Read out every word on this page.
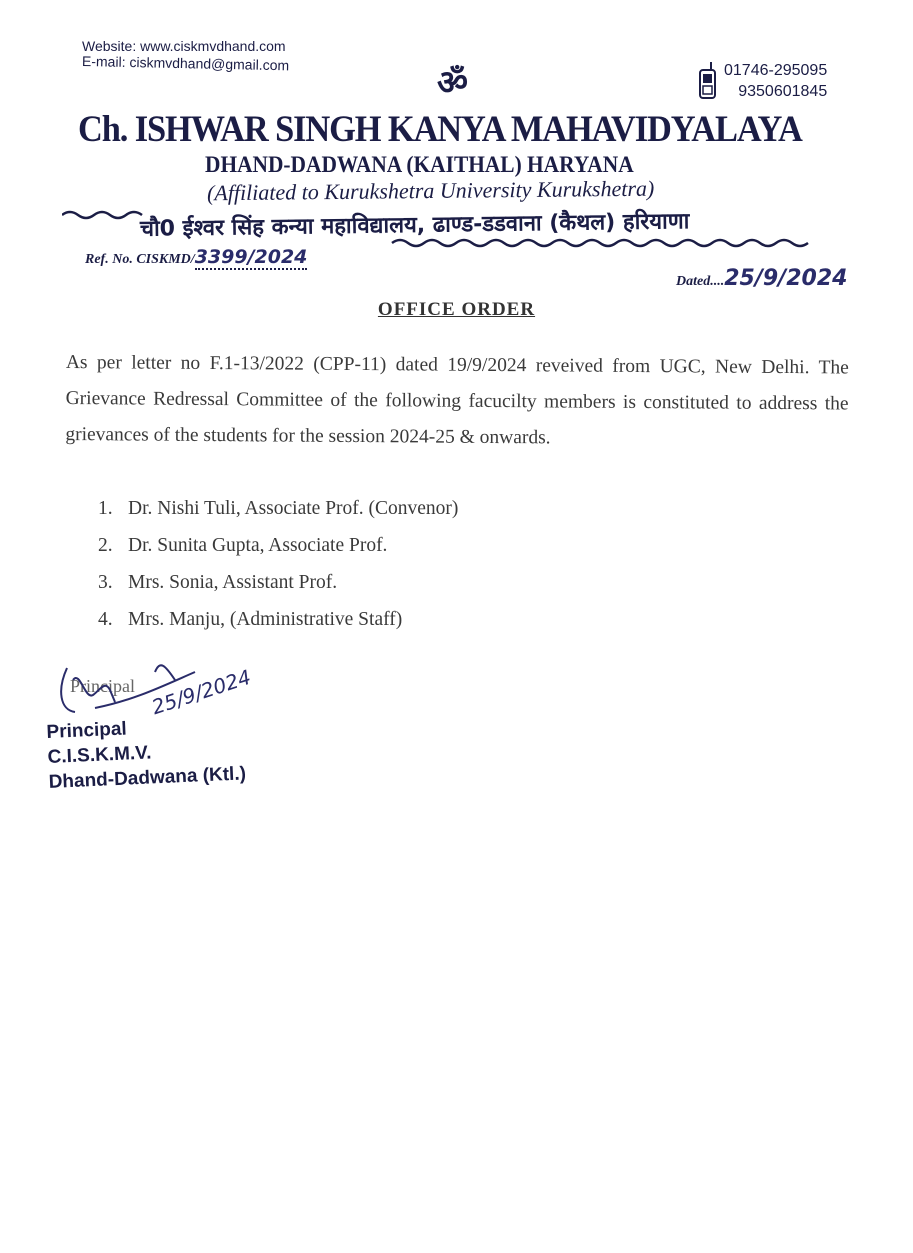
Website: www.ciskmvdhand.com
E-mail: ciskmvdhand@gmail.com	ॐ	01746-295095
9350601845
Ch. ISHWAR SINGH KANYA MAHAVIDYALAYA
DHAND-DADWANA (KAITHAL) HARYANA
(Affiliated to Kurukshetra University Kurukshetra)
चौ0 ईश्वर सिंह कन्या महाविद्यालय, ढाण्ड-डडवाना (कैथल) हरियाणा
Ref. No. CISKMD/3399/2024
Dated....25/9/2024
OFFICE ORDER
As per letter no F.1-13/2022 (CPP-11) dated 19/9/2024 reveived from UGC, New Delhi. The Grievance Redressal Committee of the following facucilty members is constituted to address the grievances of the students for the session 2024-25 & onwards.
1. Dr. Nishi Tuli, Associate Prof. (Convenor)
2. Dr. Sunita Gupta, Associate Prof.
3. Mrs. Sonia, Assistant Prof.
4. Mrs. Manju, (Administrative Staff)
Principal 25/9/2024
Principal
C.I.S.K.M.V.
Dhand-Dadwana (Ktl.)
